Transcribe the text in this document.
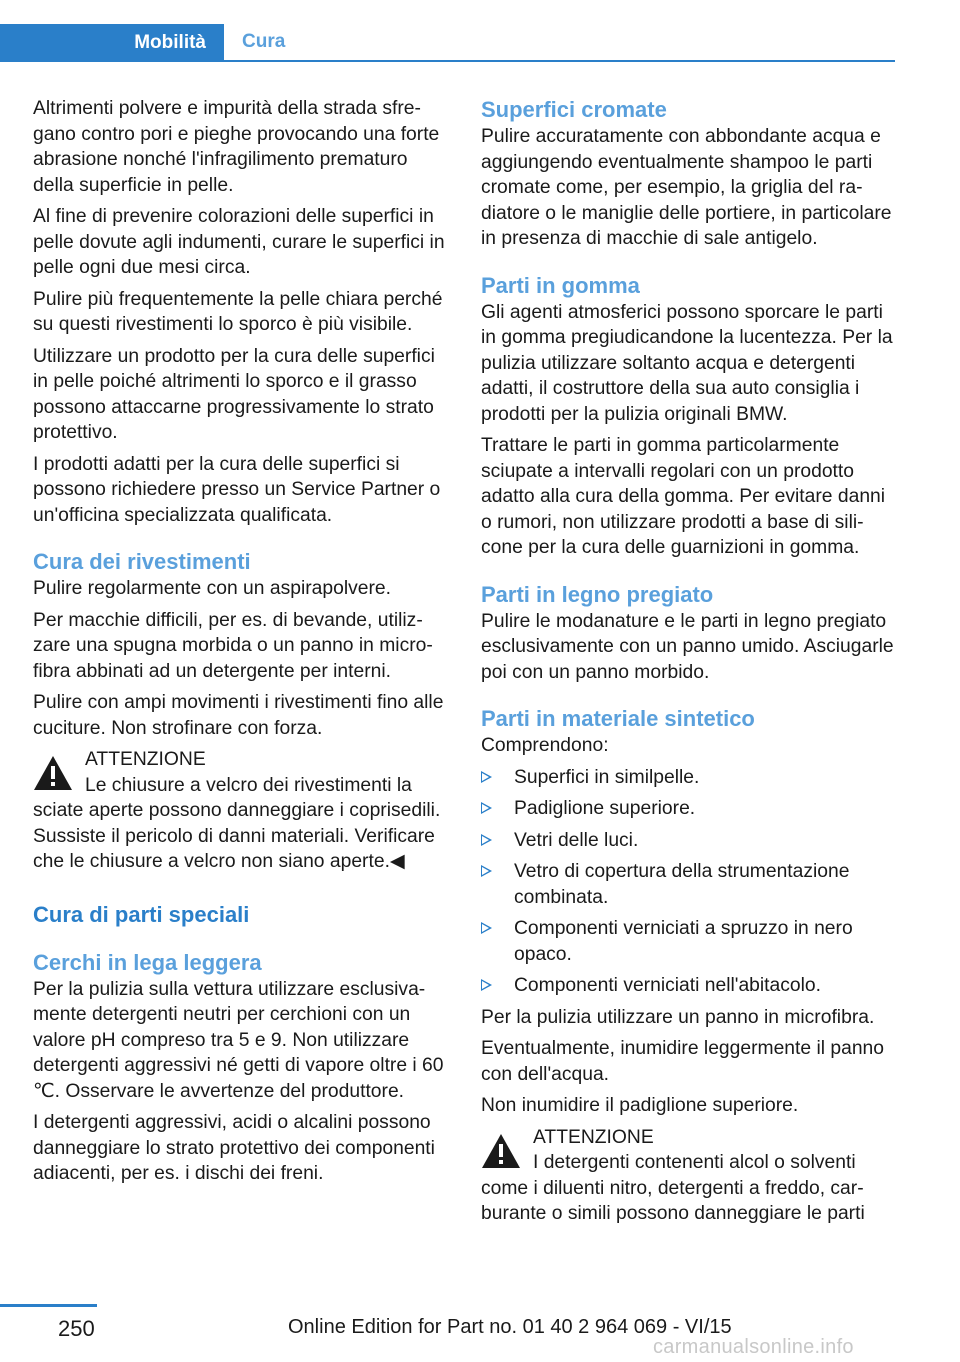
Mobilità Cura

Altrimenti polvere e impurità della strada sfregano contro pori e pieghe provocando una forte abrasione nonché l'infragilimento prematuro della superficie in pelle.

Al fine di prevenire colorazioni delle superfici in pelle dovute agli indumenti, curare le superfici in pelle ogni due mesi circa.

Pulire più frequentemente la pelle chiara perché su questi rivestimenti lo sporco è più visibile.

Utilizzare un prodotto per la cura delle superfici in pelle poiché altrimenti lo sporco e il grasso possono attaccarne progressivamente lo strato protettivo.

I prodotti adatti per la cura delle superfici si possono richiedere presso un Service Partner o un'officina specializzata qualificata.

Cura dei rivestimenti

Pulire regolarmente con un aspirapolvere.

Per macchie difficili, per es. di bevande, utilizzare una spugna morbida o un panno in microfibra abbinati ad un detergente per interni.

Pulire con ampi movimenti i rivestimenti fino alle cuciture. Non strofinare con forza.

ATTENZIONE
Le chiusure a velcro dei rivestimenti la
sciate aperte possono danneggiare i coprisedili. Sussiste il pericolo di danni materiali. Verificare che le chiusure a velcro non siano aperte.◀
Cura di parti speciali
Cerchi in lega leggera

Per la pulizia sulla vettura utilizzare esclusivamente detergenti neutri per cerchioni con un valore pH compreso tra 5 e 9. Non utilizzare detergenti aggressivi né getti di vapore oltre i 60 ℃. Osservare le avvertenze del produttore.

I detergenti aggressivi, acidi o alcalini possono danneggiare lo strato protettivo dei componenti adiacenti, per es. i dischi dei freni.

Superfici cromate

Pulire accuratamente con abbondante acqua e aggiungendo eventualmente shampoo le parti cromate come, per esempio, la griglia del radiatore o le maniglie delle portiere, in particolare in presenza di macchie di sale antigelo.

Parti in gomma

Gli agenti atmosferici possono sporcare le parti in gomma pregiudicandone la lucentezza. Per la pulizia utilizzare soltanto acqua e detergenti adatti, il costruttore della sua auto consiglia i prodotti per la pulizia originali BMW.

Trattare le parti in gomma particolarmente sciupate a intervalli regolari con un prodotto adatto alla cura della gomma. Per evitare danni o rumori, non utilizzare prodotti a base di silicone per la cura delle guarnizioni in gomma.

Parti in legno pregiato

Pulire le modanature e le parti in legno pregiato esclusivamente con un panno umido. Asciugarle poi con un panno morbido.

Parti in materiale sintetico

Comprendono:

Superfici in similpelle.
Padiglione superiore.
Vetri delle luci.
Vetro di copertura della strumentazione combinata.
Componenti verniciati a spruzzo in nero opaco.
Componenti verniciati nell'abitacolo.

Per la pulizia utilizzare un panno in microfibra.

Eventualmente, inumidire leggermente il panno con dell'acqua.

Non inumidire il padiglione superiore.

ATTENZIONE
I detergenti contenenti alcol o solventi
come i diluenti nitro, detergenti a freddo, carburante o simili possono danneggiare le parti
250	Online Edition for Part no. 01 40 2 964 069 - VI/15
carmanualsonline.info
